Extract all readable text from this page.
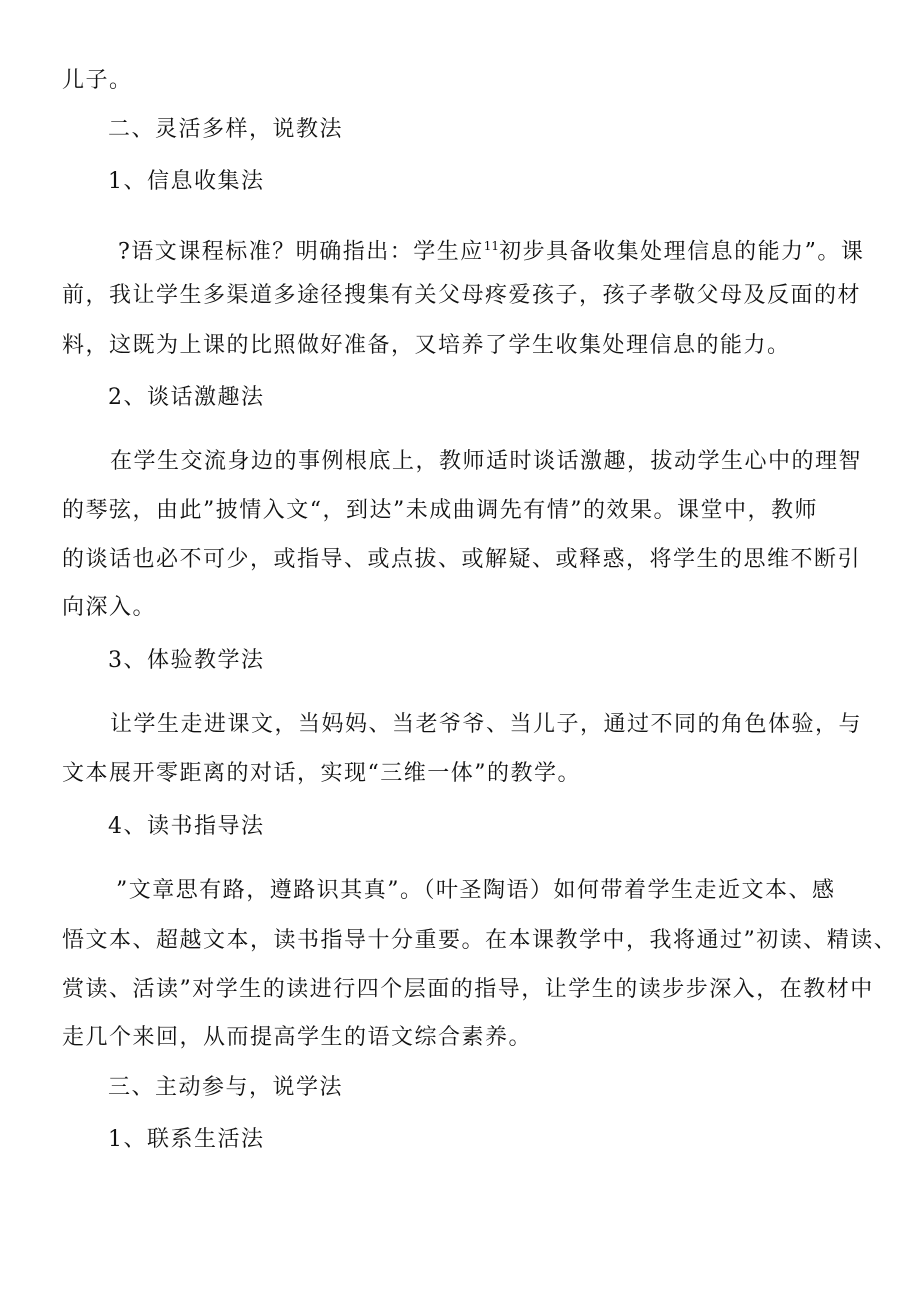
儿子。
二、灵活多样，说教法
1、信息收集法
?语文课程标准？明确指出：学生应$^{11}$初步具备收集处理信息的能力”。课
前，我让学生多渠道多途径搜集有关父母疼爱孩子，孩子孝敬父母及反面的材
料，这既为上课的比照做好准备，又培养了学生收集处理信息的能力。
2、谈话激趣法
在学生交流身边的事例根底上，教师适时谈话激趣，拔动学生心中的理智
的琴弦，由此”披情入文“，到达”未成曲调先有情”的效果。课堂中，教师
的谈话也必不可少，或指导、或点拔、或解疑、或释惑，将学生的思维不断引
向深入。
3、体验教学法
让学生走进课文，当妈妈、当老爷爷、当儿子，通过不同的角色体验，与
文本展开零距离的对话，实现“三维一体”的教学。
4、读书指导法
”文章思有路，遵路识其真”。（叶圣陶语）如何带着学生走近文本、感
悟文本、超越文本，读书指导十分重要。在本课教学中，我将通过”初读、精读、
赏读、活读”对学生的读进行四个层面的指导，让学生的读步步深入，在教材中
走几个来回，从而提高学生的语文综合素养。
三、主动参与，说学法
1、联系生活法
